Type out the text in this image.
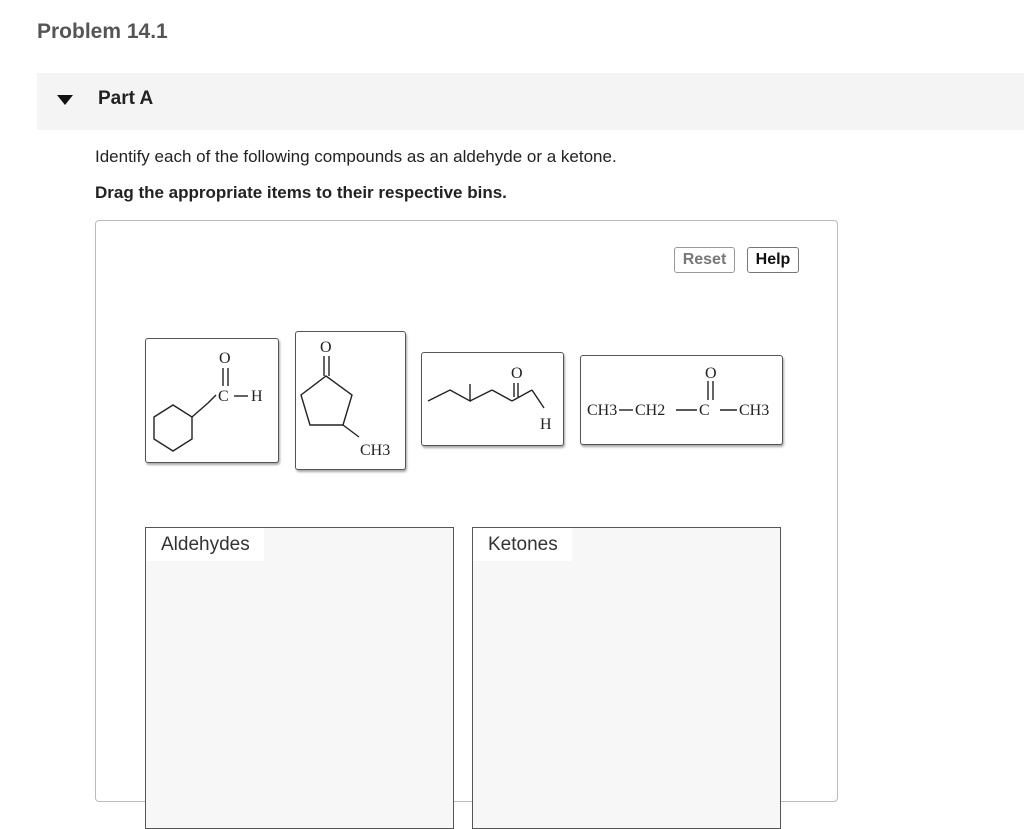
Problem 14.1
Part A
Identify each of the following compounds as an aldehyde or a ketone.
Drag the appropriate items to their respective bins.
Reset	Help
O
C H
O
CH3
O
H
O
CH3 CH2 C CH3
Aldehydes	Ketones
